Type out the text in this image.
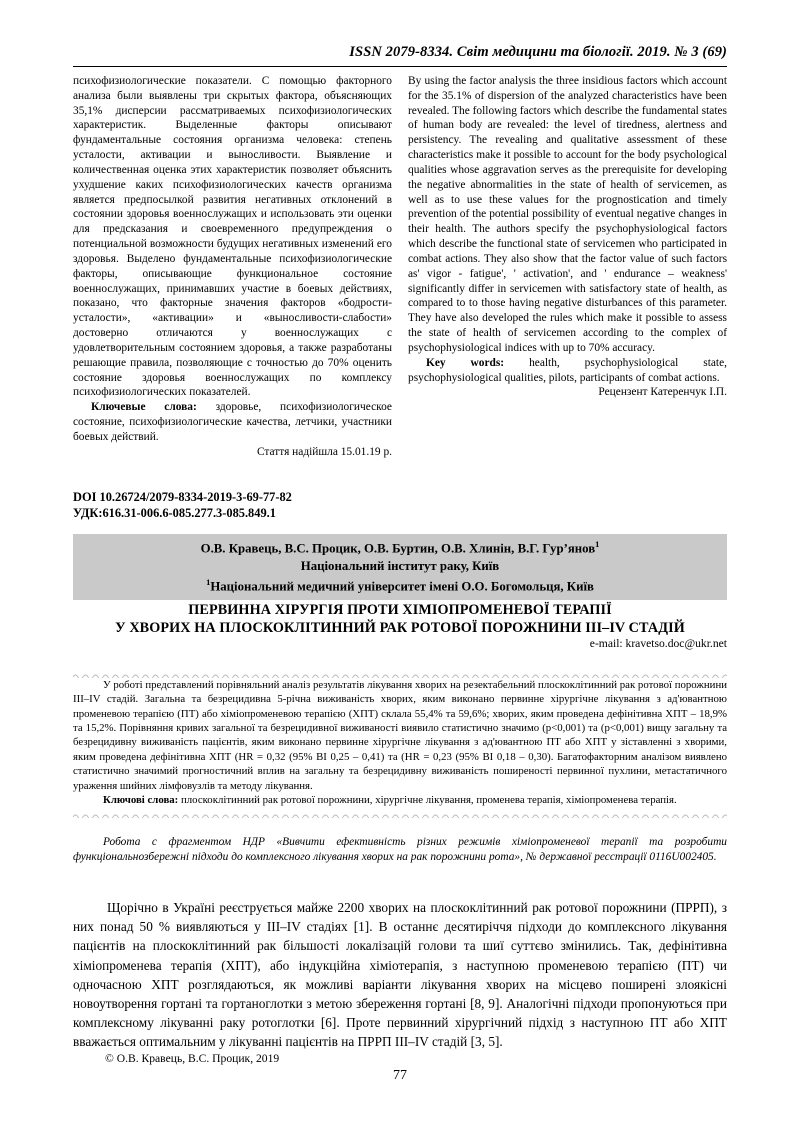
ISSN 2079-8334. Світ медицини та біології. 2019. № 3 (69)

психофизиологические показатели. С помощью факторного анализа были выявлены три скрытых фактора, объясняющих 35,1% дисперсии рассматриваемых психофизиологических характеристик. Выделенные факторы описывают фундаментальные состояния организма человека: степень усталости, активации и выносливости. Выявление и количественная оценка этих характеристик позволяет объяснить ухудшение каких психофизиологических качеств организма является предпосылкой развития негативных отклонений в состоянии здоровья военнослужащих и использовать эти оценки для предсказания и своевременного предупреждения о потенциальной возможности будущих негативных изменений его здоровья. Выделено фундаментальные психофизиологические факторы, описывающие функциональное состояние военнослужащих, принимавших участие в боевых действиях, показано, что факторные значения факторов «бодрости-усталости», «активации» и «выносливости-слабости» достоверно отличаются у военнослужащих с удовлетворительным состоянием здоровья, а также разработаны решающие правила, позволяющие с точностью до 70% оценить состояние здоровья военнослужащих по комплексу психофизиологических показателей.

Ключевые слова: здоровье, психофизиологическое состояние, психофизиологические качества, летчики, участники боевых действий.

Стаття надійшла 15.01.19 р.

By using the factor analysis the three insidious factors which account for the 35.1% of dispersion of the analyzed characteristics have been revealed. The following factors which describe the fundamental states of human body are revealed: the level of tiredness, alertness and persistency. The revealing and qualitative assessment of these characteristics make it possible to account for the body psychological qualities whose aggravation serves as the prerequisite for developing the negative abnormalities in the state of health of servicemen, as well as to use these values for the prognostication and timely prevention of the potential possibility of eventual negative changes in their health. The authors specify the psychophysiological factors which describe the functional state of servicemen who participated in combat actions. They also show that the factor value of such factors as' vigor - fatigue', ' activation', and ' endurance – weakness' significantly differ in servicemen with satisfactory state of health, as compared to to those having negative disturbances of this parameter. They have also developed the rules which make it possible to assess the state of health of servicemen according to the complex of psychophysiological indices with up to 70% accuracy.

Key words: health, psychophysiological state, psychophysiological qualities, pilots, participants of combat actions.

Рецензент Катеренчук І.П.

DOI 10.26724/2079-8334-2019-3-69-77-82
УДК:616.31-006.6-085.277.3-085.849.1
О.В. Кравець, В.С. Процик, О.В. Буртин, О.В. Хлинін, В.Г. Гур’янов$^1$
Національний інститут раку, Київ
$^1$Національний медичний університет імені О.О. Богомольця, Київ
ПЕРВИННА ХІРУРГІЯ ПРОТИ ХІМІОПРОМЕНЕВОЇ ТЕРАПІЇ
У ХВОРИХ НА ПЛОСКОКЛІТИННИЙ РАК РОТОВОЇ ПОРОЖНИНИ III–IV СТАДІЙ
e-mail: kravetso.doc@ukr.net

У роботі представлений порівняльний аналіз результатів лікування хворих на резектабельний плоскоклітинний рак ротової порожнини III–IV стадій. Загальна та безрецидивна 5-річна виживаність хворих, яким виконано первинне хірургічне лікування з ад'ювантною променевою терапією (ПТ) або хіміопроменевою терапією (ХПТ) склала 55,4% та 59,6%; хворих, яким проведена дефінітивна ХПТ – 18,9% та 15,2%. Порівняння кривих загальної та безрецидивної виживаності виявило статистично значимо (p<0,001) та (p<0,001) вищу загальну та безрецидивну виживаність пацієнтів, яким виконано первинне хірургічне лікування з ад'ювантною ПТ або ХПТ у зіставленні з хворими, яким проведена дефінітивна ХПТ (HR = 0,32 (95% ВІ 0,25 – 0,41) та (HR = 0,23 (95% ВІ 0,18 – 0,30). Багатофакторним аналізом виявлено статистично значимий прогностичний вплив на загальну та безрецидивну виживаність поширеності первинної пухлини, метастатичного ураження шийних лімфовузлів та методу лікування.

Ключові слова: плоскоклітинний рак ротової порожнини, хірургічне лікування, променева терапія, хіміопроменева терапія.

Робота с фрагментом НДР «Вивчити ефективність різних режимів хіміопроменевої терапії та розробити функціональнозбережні підходи до комплексного лікування хворих на рак порожнини рота», № державної ресстрації 0116U002405.

Щорічно в Україні реєструється майже 2200 хворих на плоскоклітинний рак ротової порожнини (ПРРП), з них понад 50 % виявляються у III–IV стадіях [1]. В останнє десятиріччя підходи до комплексного лікування пацієнтів на плоскоклітинний рак більшості локалізацій голови та шиї суттєво змінились. Так, дефінітивна хіміопроменева терапія (ХПТ), або індукційна хіміотерапія, з наступною променевою терапією (ПТ) чи одночасною ХПТ розглядаються, як можливі варіанти лікування хворих на місцево поширені злоякісні новоутворення гортані та гортаноглотки з метою збереження гортані [8, 9]. Аналогічні підходи пропонуються при комплексному лікуванні раку ротоглотки [6]. Проте первинний хірургічний підхід з наступною ПТ або ХПТ вважається оптимальним у лікуванні пацієнтів на ПРРП III–IV стадій [3, 5].

© О.В. Кравець, В.С. Процик, 2019
77
